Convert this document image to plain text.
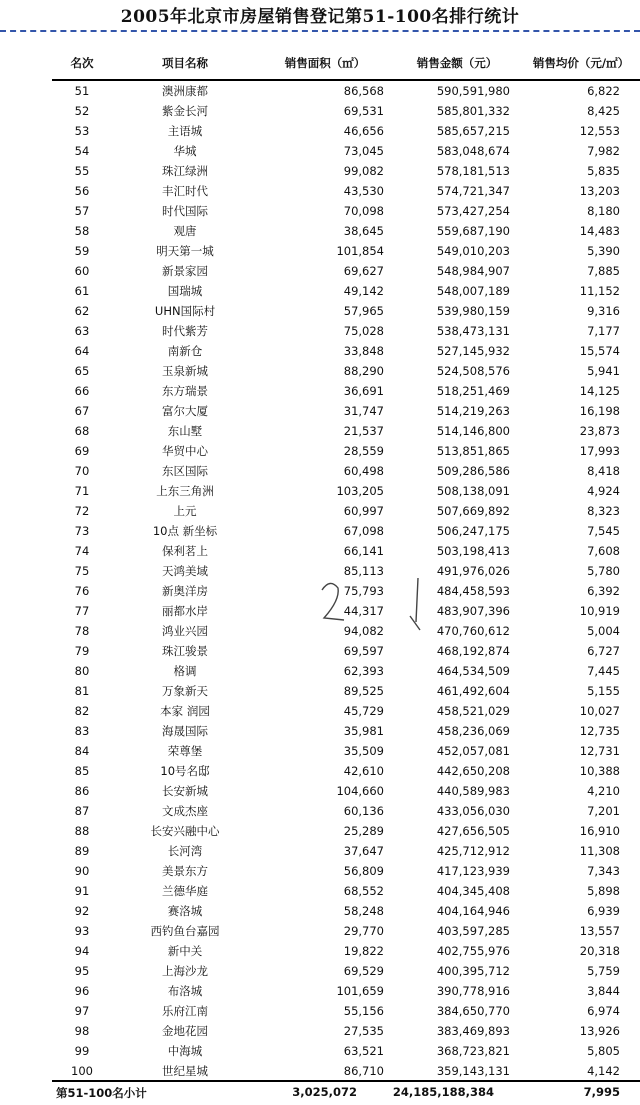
2005年北京市房屋销售登记第51-100名排行统计
名次	项目名称	销售面积（㎡）	销售金额（元）	销售均价（元/㎡）
51	澳洲康都	86,568	590,591,980	6,822
52	紫金长河	69,531	585,801,332	8,425
53	主语城	46,656	585,657,215	12,553
54	华城	73,045	583,048,674	7,982
55	珠江绿洲	99,082	578,181,513	5,835
56	丰汇时代	43,530	574,721,347	13,203
57	时代国际	70,098	573,427,254	8,180
58	观唐	38,645	559,687,190	14,483
59	明天第一城	101,854	549,010,203	5,390
60	新景家园	69,627	548,984,907	7,885
61	国瑞城	49,142	548,007,189	11,152
62	UHN国际村	57,965	539,980,159	9,316
63	时代紫芳	75,028	538,473,131	7,177
64	南新仓	33,848	527,145,932	15,574
65	玉泉新城	88,290	524,508,576	5,941
66	东方瑞景	36,691	518,251,469	14,125
67	富尔大厦	31,747	514,219,263	16,198
68	东山墅	21,537	514,146,800	23,873
69	华贸中心	28,559	513,851,865	17,993
70	东区国际	60,498	509,286,586	8,418
71	上东三角洲	103,205	508,138,091	4,924
72	上元	60,997	507,669,892	8,323
73	10点 新坐标	67,098	506,247,175	7,545
74	保利茗上	66,141	503,198,413	7,608
75	天鸿美域	85,113	491,976,026	5,780
76	新奥洋房	75,793	484,458,593	6,392
77	丽都水岸	44,317	483,907,396	10,919
78	鸿业兴园	94,082	470,760,612	5,004
79	珠江骏景	69,597	468,192,874	6,727
80	格调	62,393	464,534,509	7,445
81	万象新天	89,525	461,492,604	5,155
82	本家 润园	45,729	458,521,029	10,027
83	海晟国际	35,981	458,236,069	12,735
84	荣尊堡	35,509	452,057,081	12,731
85	10号名邸	42,610	442,650,208	10,388
86	长安新城	104,660	440,589,983	4,210
87	文成杰座	60,136	433,056,030	7,201
88	长安兴融中心	25,289	427,656,505	16,910
89	长河湾	37,647	425,712,912	11,308
90	美景东方	56,809	417,123,939	7,343
91	兰德华庭	68,552	404,345,408	5,898
92	赛洛城	58,248	404,164,946	6,939
93	西钓鱼台嘉园	29,770	403,597,285	13,557
94	新中关	19,822	402,755,976	20,318
95	上海沙龙	69,529	400,395,712	5,759
96	布洛城	101,659	390,778,916	3,844
97	乐府江南	55,156	384,650,770	6,974
98	金地花园	27,535	383,469,893	13,926
99	中海城	63,521	368,723,821	5,805
100	世纪星城	86,710	359,143,131	4,142
第51-100名小计	3,025,072	24,185,188,384	7,995
